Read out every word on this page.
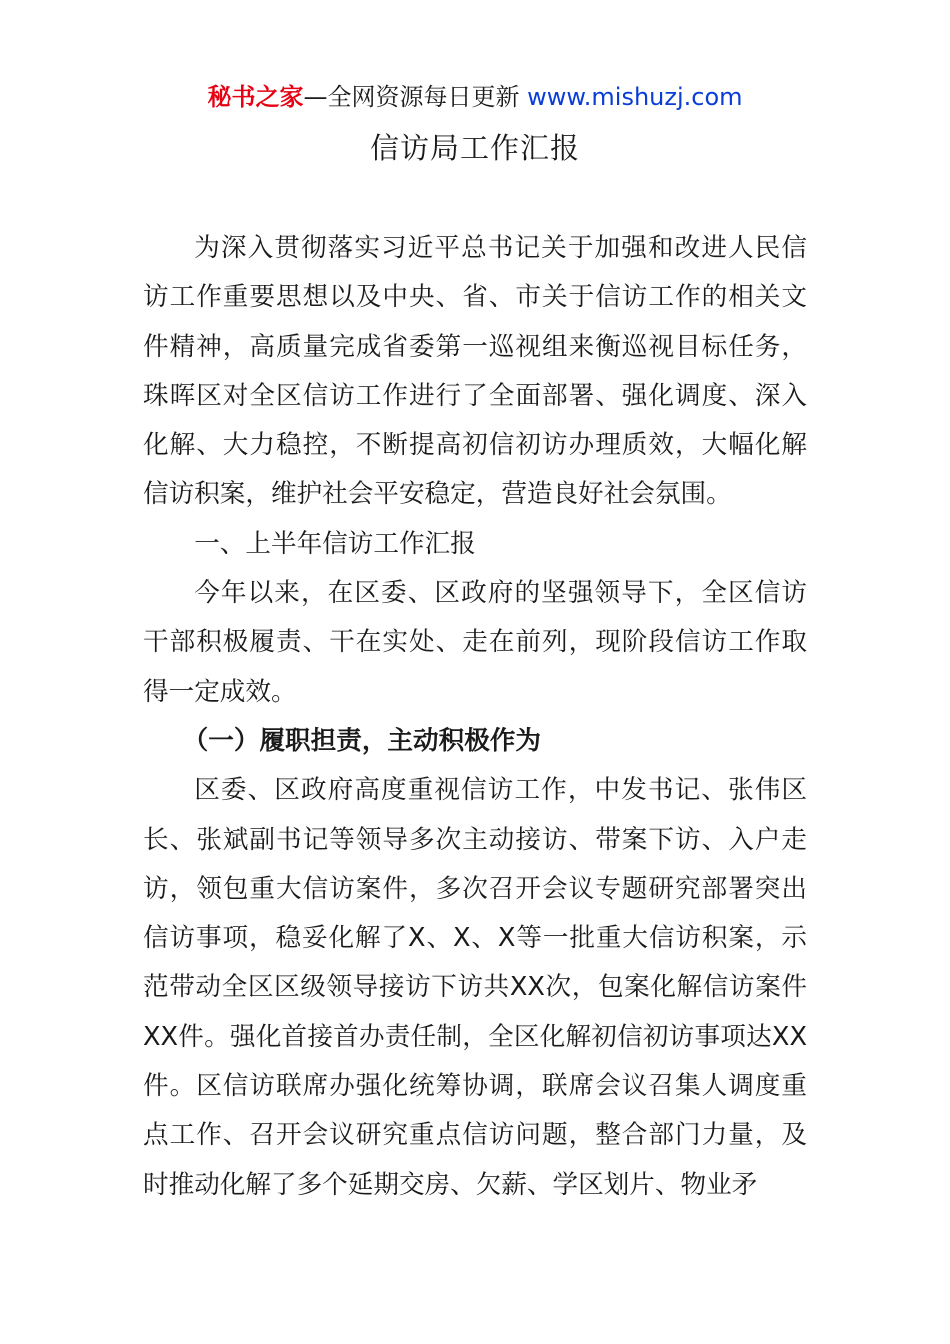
秘书之家—全网资源每日更新 www.mishuzj.com
信访局工作汇报

为深入贯彻落实习近平总书记关于加强和改进人民信访工作重要思想以及中央、省、市关于信访工作的相关文件精神，高质量完成省委第一巡视组来衡巡视目标任务，珠晖区对全区信访工作进行了全面部署、强化调度、深入化解、大力稳控，不断提高初信初访办理质效，大幅化解信访积案，维护社会平安稳定，营造良好社会氛围。

一、上半年信访工作汇报

今年以来，在区委、区政府的坚强领导下，全区信访干部积极履责、干在实处、走在前列，现阶段信访工作取得一定成效。

（一）履职担责，主动积极作为

区委、区政府高度重视信访工作，中发书记、张伟区长、张斌副书记等领导多次主动接访、带案下访、入户走访，领包重大信访案件，多次召开会议专题研究部署突出信访事项，稳妥化解了X、X、X等一批重大信访积案，示范带动全区区级领导接访下访共XX次，包案化解信访案件XX件。强化首接首办责任制，全区化解初信初访事项达XX件。区信访联席办强化统筹协调，联席会议召集人调度重点工作、召开会议研究重点信访问题，整合部门力量，及时推动化解了多个延期交房、欠薪、学区划片、物业矛
